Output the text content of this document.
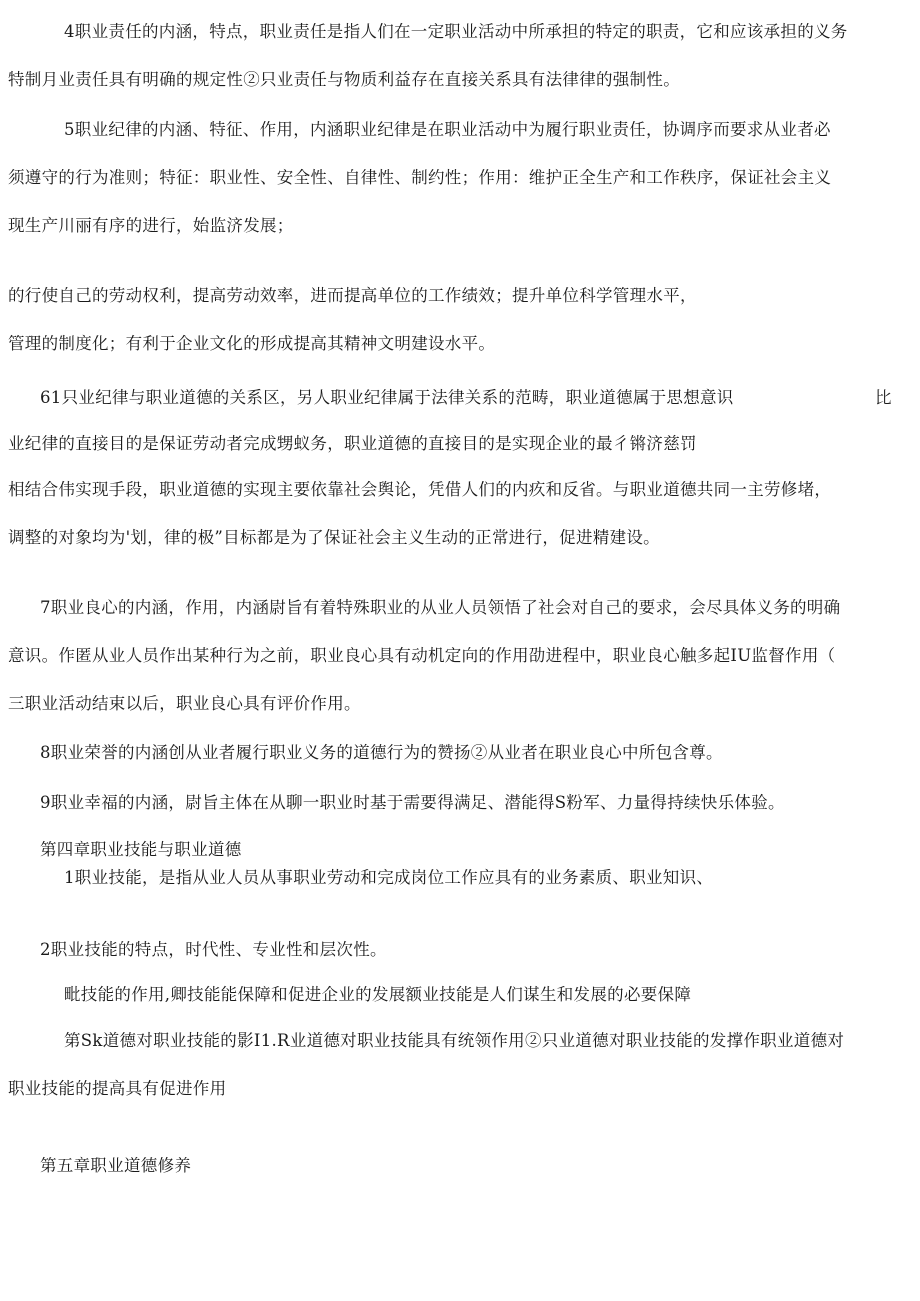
4职业责任的内涵，特点，职业责任是指人们在一定职业活动中所承担的特定的职责，它和应该承担的义务
特制月业责任具有明确的规定性②只业责任与物质利益存在直接关系具有法律律的强制性。
5职业纪律的内涵、特征、作用，内涵职业纪律是在职业活动中为履行职业责任，协调序而要求从业者必
须遵守的行为准则；特征：职业性、安全性、自律性、制约性；作用：维护正全生产和工作秩序，保证社会主义
现生产川丽有序的进行，始监济发展；
的行使自己的劳动权利，提高劳动效率，进而提高单位的工作绩效；提升单位科学管理水平，
管理的制度化；有利于企业文化的形成提高其精神文明建设水平。
61只业纪律与职业道德的关系区，另人职业纪律属于法律关系的范畴，职业道德属于思想意识	比
业纪律的直接目的是保证劳动者完成甥蚁务，职业道德的直接目的是实现企业的最彳锵济慈罚
相结合伟实现手段，职业道德的实现主要依靠社会舆论，凭借人们的内疚和反省。与职业道德共同一主劳修堵，
调整的对象均为'划，律的极”目标都是为了保证社会主义生动的正常进行，促进精建设。
7职业良心的内涵，作用，内涵尉旨有着特殊职业的从业人员领悟了社会对自己的要求，会尽具体义务的明确
意识。作匿从业人员作出某种行为之前，职业良心具有动机定向的作用劭进程中，职业良心触多起IU监督作用（
三职业活动结束以后，职业良心具有评价作用。
8职业荣誉的内涵创从业者履行职业义务的道德行为的赞扬②从业者在职业良心中所包含尊。
9职业幸福的内涵，尉旨主体在从聊一职业时基于需要得满足、潜能得S粉军、力量得持续快乐体验。
第四章职业技能与职业道德
1职业技能，是指从业人员从事职业劳动和完成岗位工作应具有的业务素质、职业知识、
2职业技能的特点，时代性、专业性和层次性。
毗技能的作用,卿技能能保障和促进企业的发展额业技能是人们谋生和发展的必要保障
第Sk道德对职业技能的影I1.R业道德对职业技能具有统领作用②只业道德对职业技能的发撑作职业道德对
职业技能的提高具有促进作用
第五章职业道德修养
